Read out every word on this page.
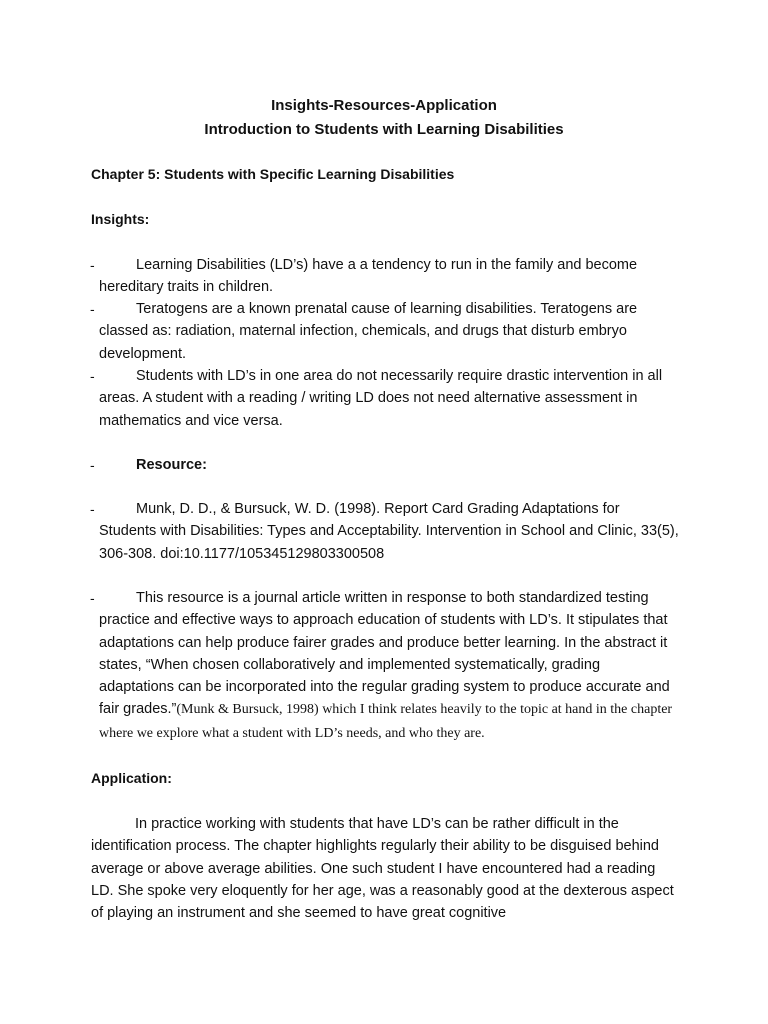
Insights-Resources-Application
Introduction to Students with Learning Disabilities
Chapter 5: Students with Specific Learning Disabilities
Insights:
-	Learning Disabilities (LD’s) have a a tendency to run in the family and become hereditary traits in children.
-	Teratogens are a known prenatal cause of learning disabilities. Teratogens are classed as: radiation, maternal infection, chemicals, and drugs that disturb embryo development.
-	Students with LD’s in one area do not necessarily require drastic intervention in all areas. A student with a reading / writing LD does not need alternative assessment in mathematics and vice versa.
-	Resource:
-	Munk, D. D., & Bursuck, W. D. (1998). Report Card Grading Adaptations for Students with Disabilities: Types and Acceptability. Intervention in School and Clinic, 33(5), 306-308. doi:10.1177/105345129803300508
-	This resource is a journal article written in response to both standardized testing practice and effective ways to approach education of students with LD’s. It stipulates that adaptations can help produce fairer grades and produce better learning. In the abstract it states, “When chosen collaboratively and implemented systematically, grading adaptations can be incorporated into the regular grading system to produce accurate and fair grades.”(Munk & Bursuck, 1998) which I think relates heavily to the topic at hand in the chapter where we explore what a student with LD’s needs, and who they are.
Application:
In practice working with students that have LD’s can be rather difficult in the identification process. The chapter highlights regularly their ability to be disguised behind average or above average abilities. One such student I have encountered had a reading LD. She spoke very eloquently for her age, was a reasonably good at the dexterous aspect of playing an instrument and she seemed to have great cognitive
